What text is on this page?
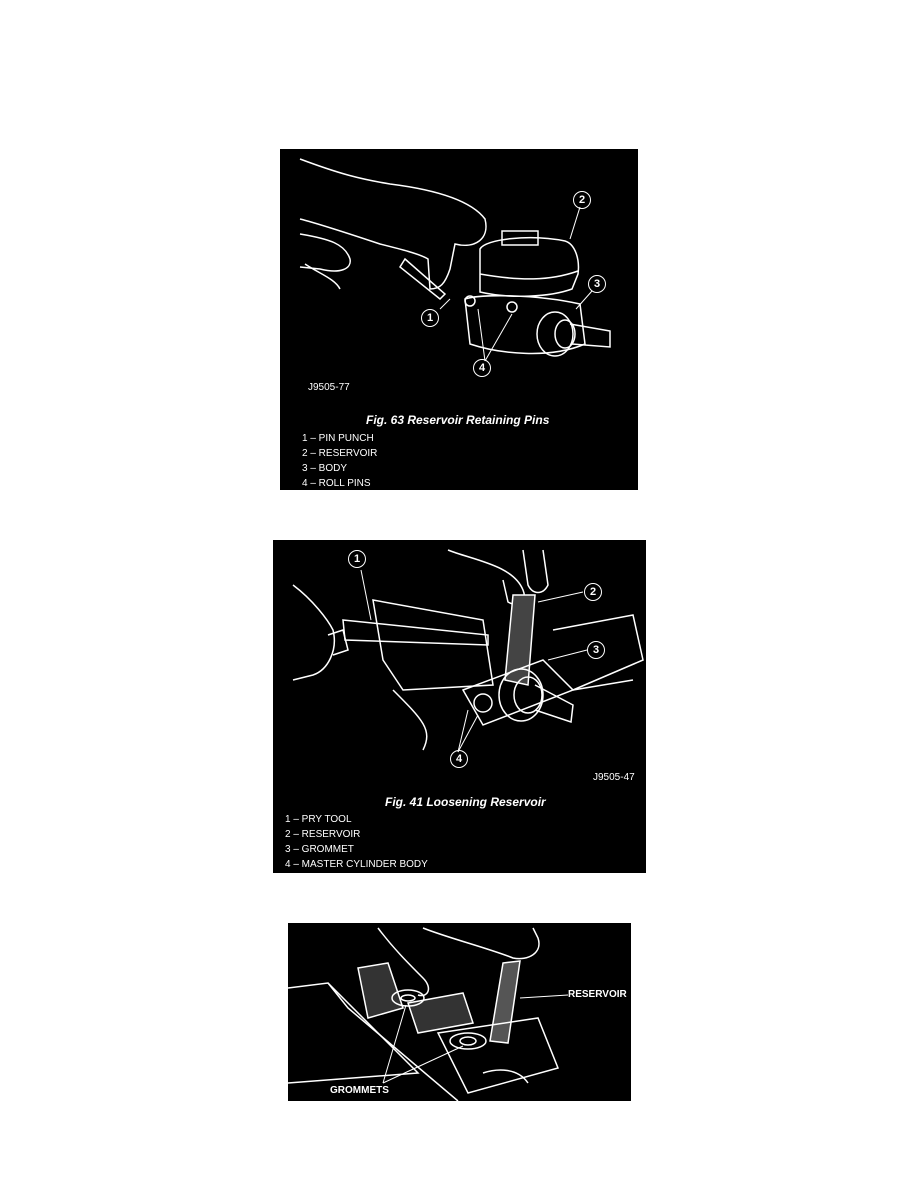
1
2
3
4
J9505-77
Fig. 63 Reservoir Retaining Pins
1 – PIN PUNCH
2 – RESERVOIR
3 – BODY
4 – ROLL PINS
1
2
3
4
J9505-47
Fig. 41 Loosening Reservoir
1 – PRY TOOL
2 – RESERVOIR
3 – GROMMET
4 – MASTER CYLINDER BODY
RESERVOIR
GROMMETS
